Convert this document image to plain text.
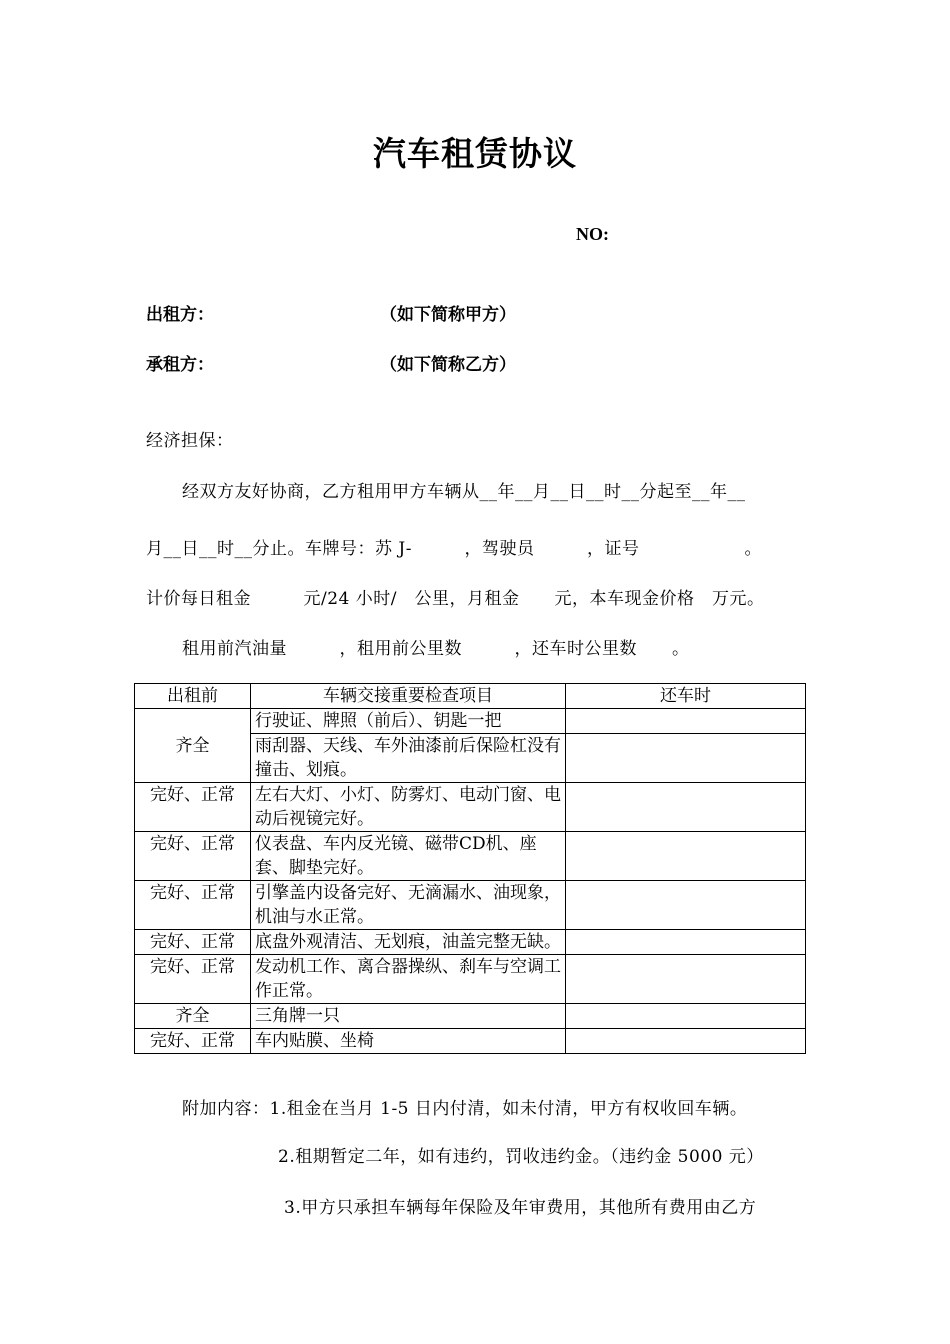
汽车租赁协议
NO:
出租方：	（如下简称甲方）
承租方：	（如下简称乙方）
经济担保：
经双方友好协商，乙方租用甲方车辆从__年__月__日__时__分起至__年__
月__日__时__分止。车牌号：苏 J-　　　，驾驶员　　　，证号　　　　　　。
计价每日租金　　　元/24 小时/　公里，月租金　　元，本车现金价格　万元。
租用前汽油量　　　，租用前公里数　　　，还车时公里数　　。
出租前	车辆交接重要检查项目	还车时
齐全	行驶证、牌照（前后）、钥匙一把	
	雨刮器、天线、车外油漆前后保险杠没有撞击、划痕。	
完好、正常	左右大灯、小灯、防雾灯、电动门窗、电动后视镜完好。	
完好、正常	仪表盘、车内反光镜、磁带CD机、座套、脚垫完好。	
完好、正常	引擎盖内设备完好、无滴漏水、油现象，机油与水正常。	
完好、正常	底盘外观清洁、无划痕，油盖完整无缺。	
完好、正常	发动机工作、离合器操纵、刹车与空调工作正常。	
齐全	三角牌一只	
完好、正常	车内贴膜、坐椅	
附加内容：1.租金在当月 1-5 日内付清，如未付清，甲方有权收回车辆。
2.租期暂定二年，如有违约，罚收违约金。（违约金 5000 元）
3.甲方只承担车辆每年保险及年审费用，其他所有费用由乙方
